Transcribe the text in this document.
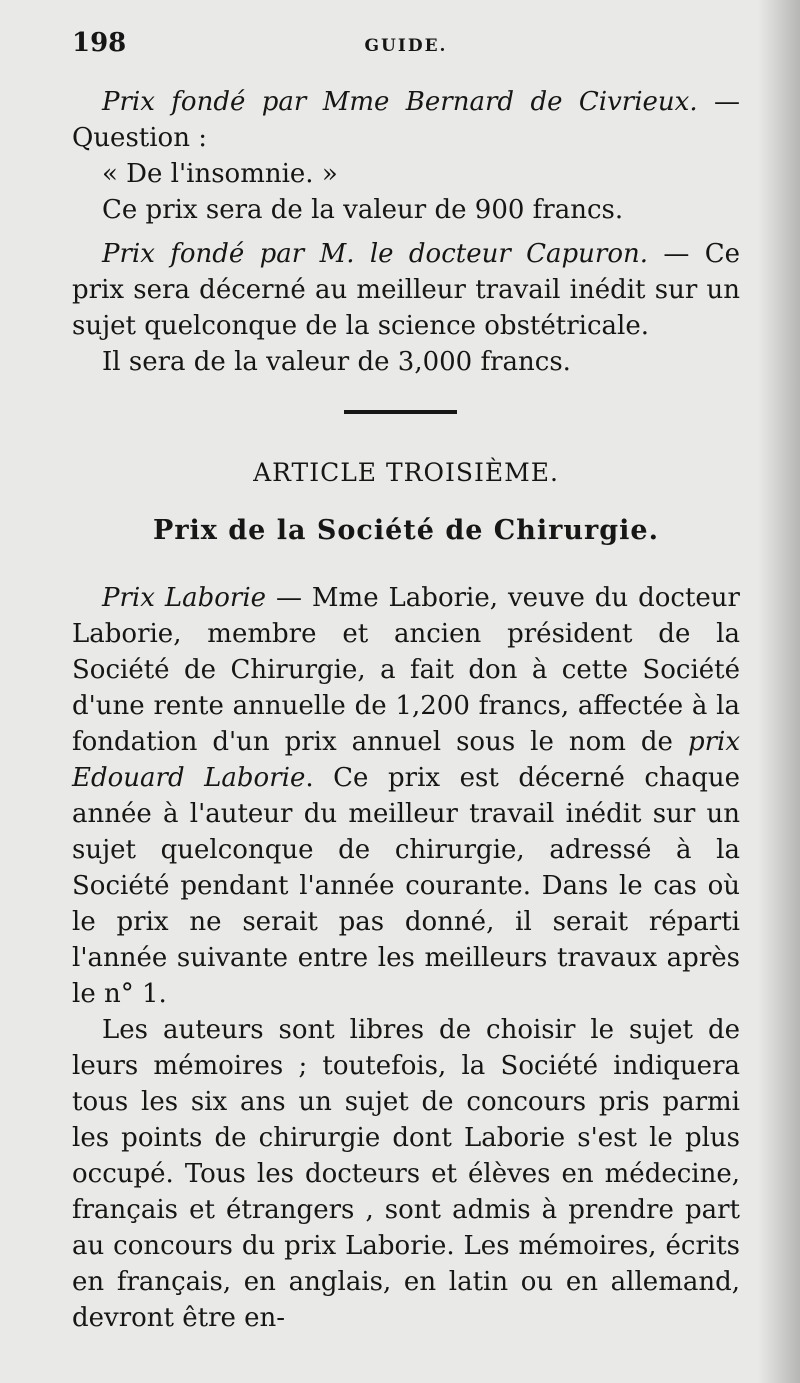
198	GUIDE.

Prix fondé par Mme Bernard de Civrieux. — Question :

« De l'insomnie. »

Ce prix sera de la valeur de 900 francs.

Prix fondé par M. le docteur Capuron. — Ce prix sera décerné au meilleur travail inédit sur un sujet quelconque de la science obstétricale.

Il sera de la valeur de 3,000 francs.

ARTICLE TROISIÈME.
Prix de la Société de Chirurgie.

Prix Laborie — Mme Laborie, veuve du docteur Laborie, membre et ancien président de la Société de Chirurgie, a fait don à cette Société d'une rente annuelle de 1,200 francs, affectée à la fondation d'un prix annuel sous le nom de prix Edouard Laborie. Ce prix est décerné chaque année à l'auteur du meilleur travail inédit sur un sujet quelconque de chirurgie, adressé à la Société pendant l'année courante. Dans le cas où le prix ne serait pas donné, il serait réparti l'année suivante entre les meilleurs travaux après le n° 1.

Les auteurs sont libres de choisir le sujet de leurs mémoires ; toutefois, la Société indiquera tous les six ans un sujet de concours pris parmi les points de chirurgie dont Laborie s'est le plus occupé. Tous les docteurs et élèves en médecine, français et étrangers , sont admis à prendre part au concours du prix Laborie. Les mémoires, écrits en français, en anglais, en latin ou en allemand, devront être en-
